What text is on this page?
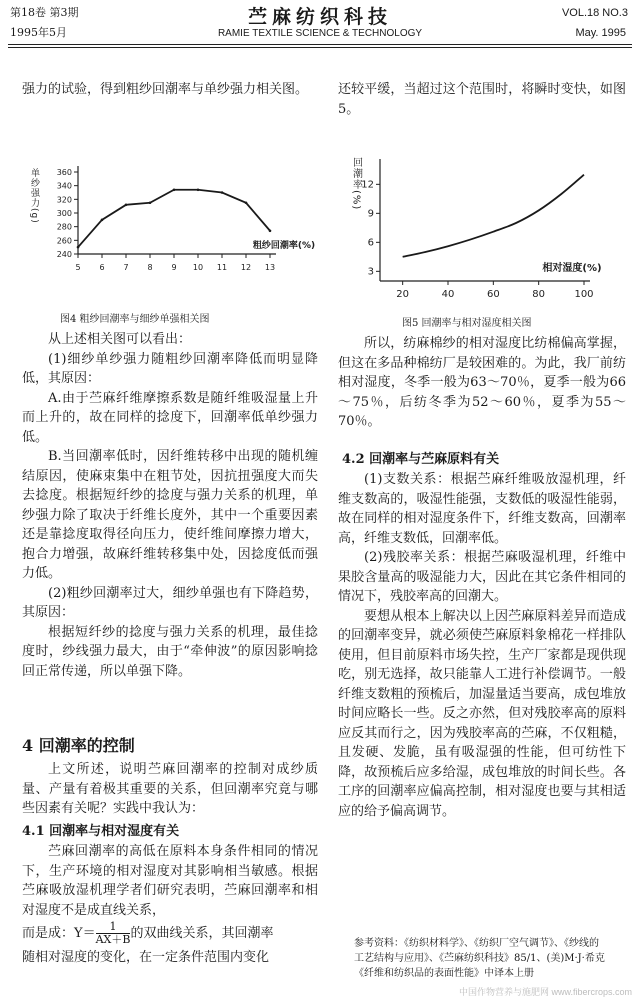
第18卷 第3期
1995年5月
苎麻纺织科技
RAMIE TEXTILE SCIENCE & TECHNOLOGY
VOL.18 NO.3
May. 1995

强力的试验，得到粗纱回潮率与单纱强力相关图。

240
260
280
300
320
340
360
5 6 7 8 9 10 11 12 13
单纱强力(g)
粗纱回潮率(%)
图4 粗纱回潮率与细纱单强相关图

从上述相关图可以看出：

(1)细纱单纱强力随粗纱回潮率降低而明显降低，其原因：

A.由于苎麻纤维摩擦系数是随纤维吸湿量上升而上升的，故在同样的捻度下，回潮率低单纱强力低。

B.当回潮率低时，因纤维转移中出现的随机缠结原因，使麻束集中在粗节处，因抗扭强度大而失去捻度。根据短纤纱的捻度与强力关系的机理，单纱强力除了取决于纤维长度外，其中一个重要因素还是靠捻度取得径向压力，使纤维间摩擦力增大，抱合力增强，故麻纤维转移集中处，因捻度低而强力低。

(2)粗纱回潮率过大，细纱单强也有下降趋势，其原因：

根据短纤纱的捻度与强力关系的机理，最佳捻度时，纱线强力最大，由于“牵伸波”的原因影响捻回正常传递，所以单强下降。

4 回潮率的控制

上文所述，说明苎麻回潮率的控制对成纱质量、产量有着极其重要的关系，但回潮率究竟与哪些因素有关呢？实践中我认为：

4.1 回潮率与相对湿度有关

苎麻回潮率的高低在原料本身条件相同的情况下，生产环境的相对湿度对其影响相当敏感。根据苎麻吸放湿机理学者们研究表明，苎麻回潮率和相对湿度不是成直线关系，

而是成：$Y= \frac{1}{AX+B}$ 的双曲线关系，其回潮率

随相对湿度的变化，在一定条件范围内变化

还较平缓，当超过这个范围时，将瞬时变快，如图5。

3
6
9
12
20	40	60	80	100
回潮率(%)
相对湿度(%)
图5 回潮率与相对湿度相关图

所以，纺麻棉纱的相对湿度比纺棉偏高掌握，但这在多品种棉纺厂是较困难的。为此，我厂前纺相对湿度，冬季一般为63～70％，夏季一般为66～75％，后纺冬季为52～60％，夏季为55～70％。

4.2 回潮率与苎麻原料有关

(1)支数关系：根据苎麻纤维吸放湿机理，纤维支数高的，吸湿性能强，支数低的吸湿性能弱，故在同样的相对湿度条件下，纤维支数高，回潮率高，纤维支数低，回潮率低。

(2)残胶率关系：根据苎麻吸湿机理，纤维中果胶含量高的吸湿能力大，因此在其它条件相同的情况下，残胶率高的回潮大。

要想从根本上解决以上因苎麻原料差异而造成的回潮率变异，就必须使苎麻原料象棉花一样排队使用，但目前原料市场失控，生产厂家都是现供现吃，别无选择，故只能靠人工进行补偿调节。一般纤维支数粗的预梳后，加湿量适当要高，成包堆放时间应略长一些。反之亦然，但对残胶率高的原料应反其而行之，因为残胶率高的苎麻，不仅粗糙，且发硬、发脆，虽有吸湿强的性能，但可纺性下降，故预梳后应多给湿，成包堆放的时间长些。各工序的回潮率应偏高控制，相对湿度也要与其相适应的给予偏高调节。

参考资料：《纺织材料学》、《纺织厂空气调节》、《纱线的
工艺结构与应用》、《苎麻纺织科技》85/1、(美)M·J·希克
《纤维和纺织品的表面性能》中译本上册
中国作物营养与施肥网 www.fibercrops.com
